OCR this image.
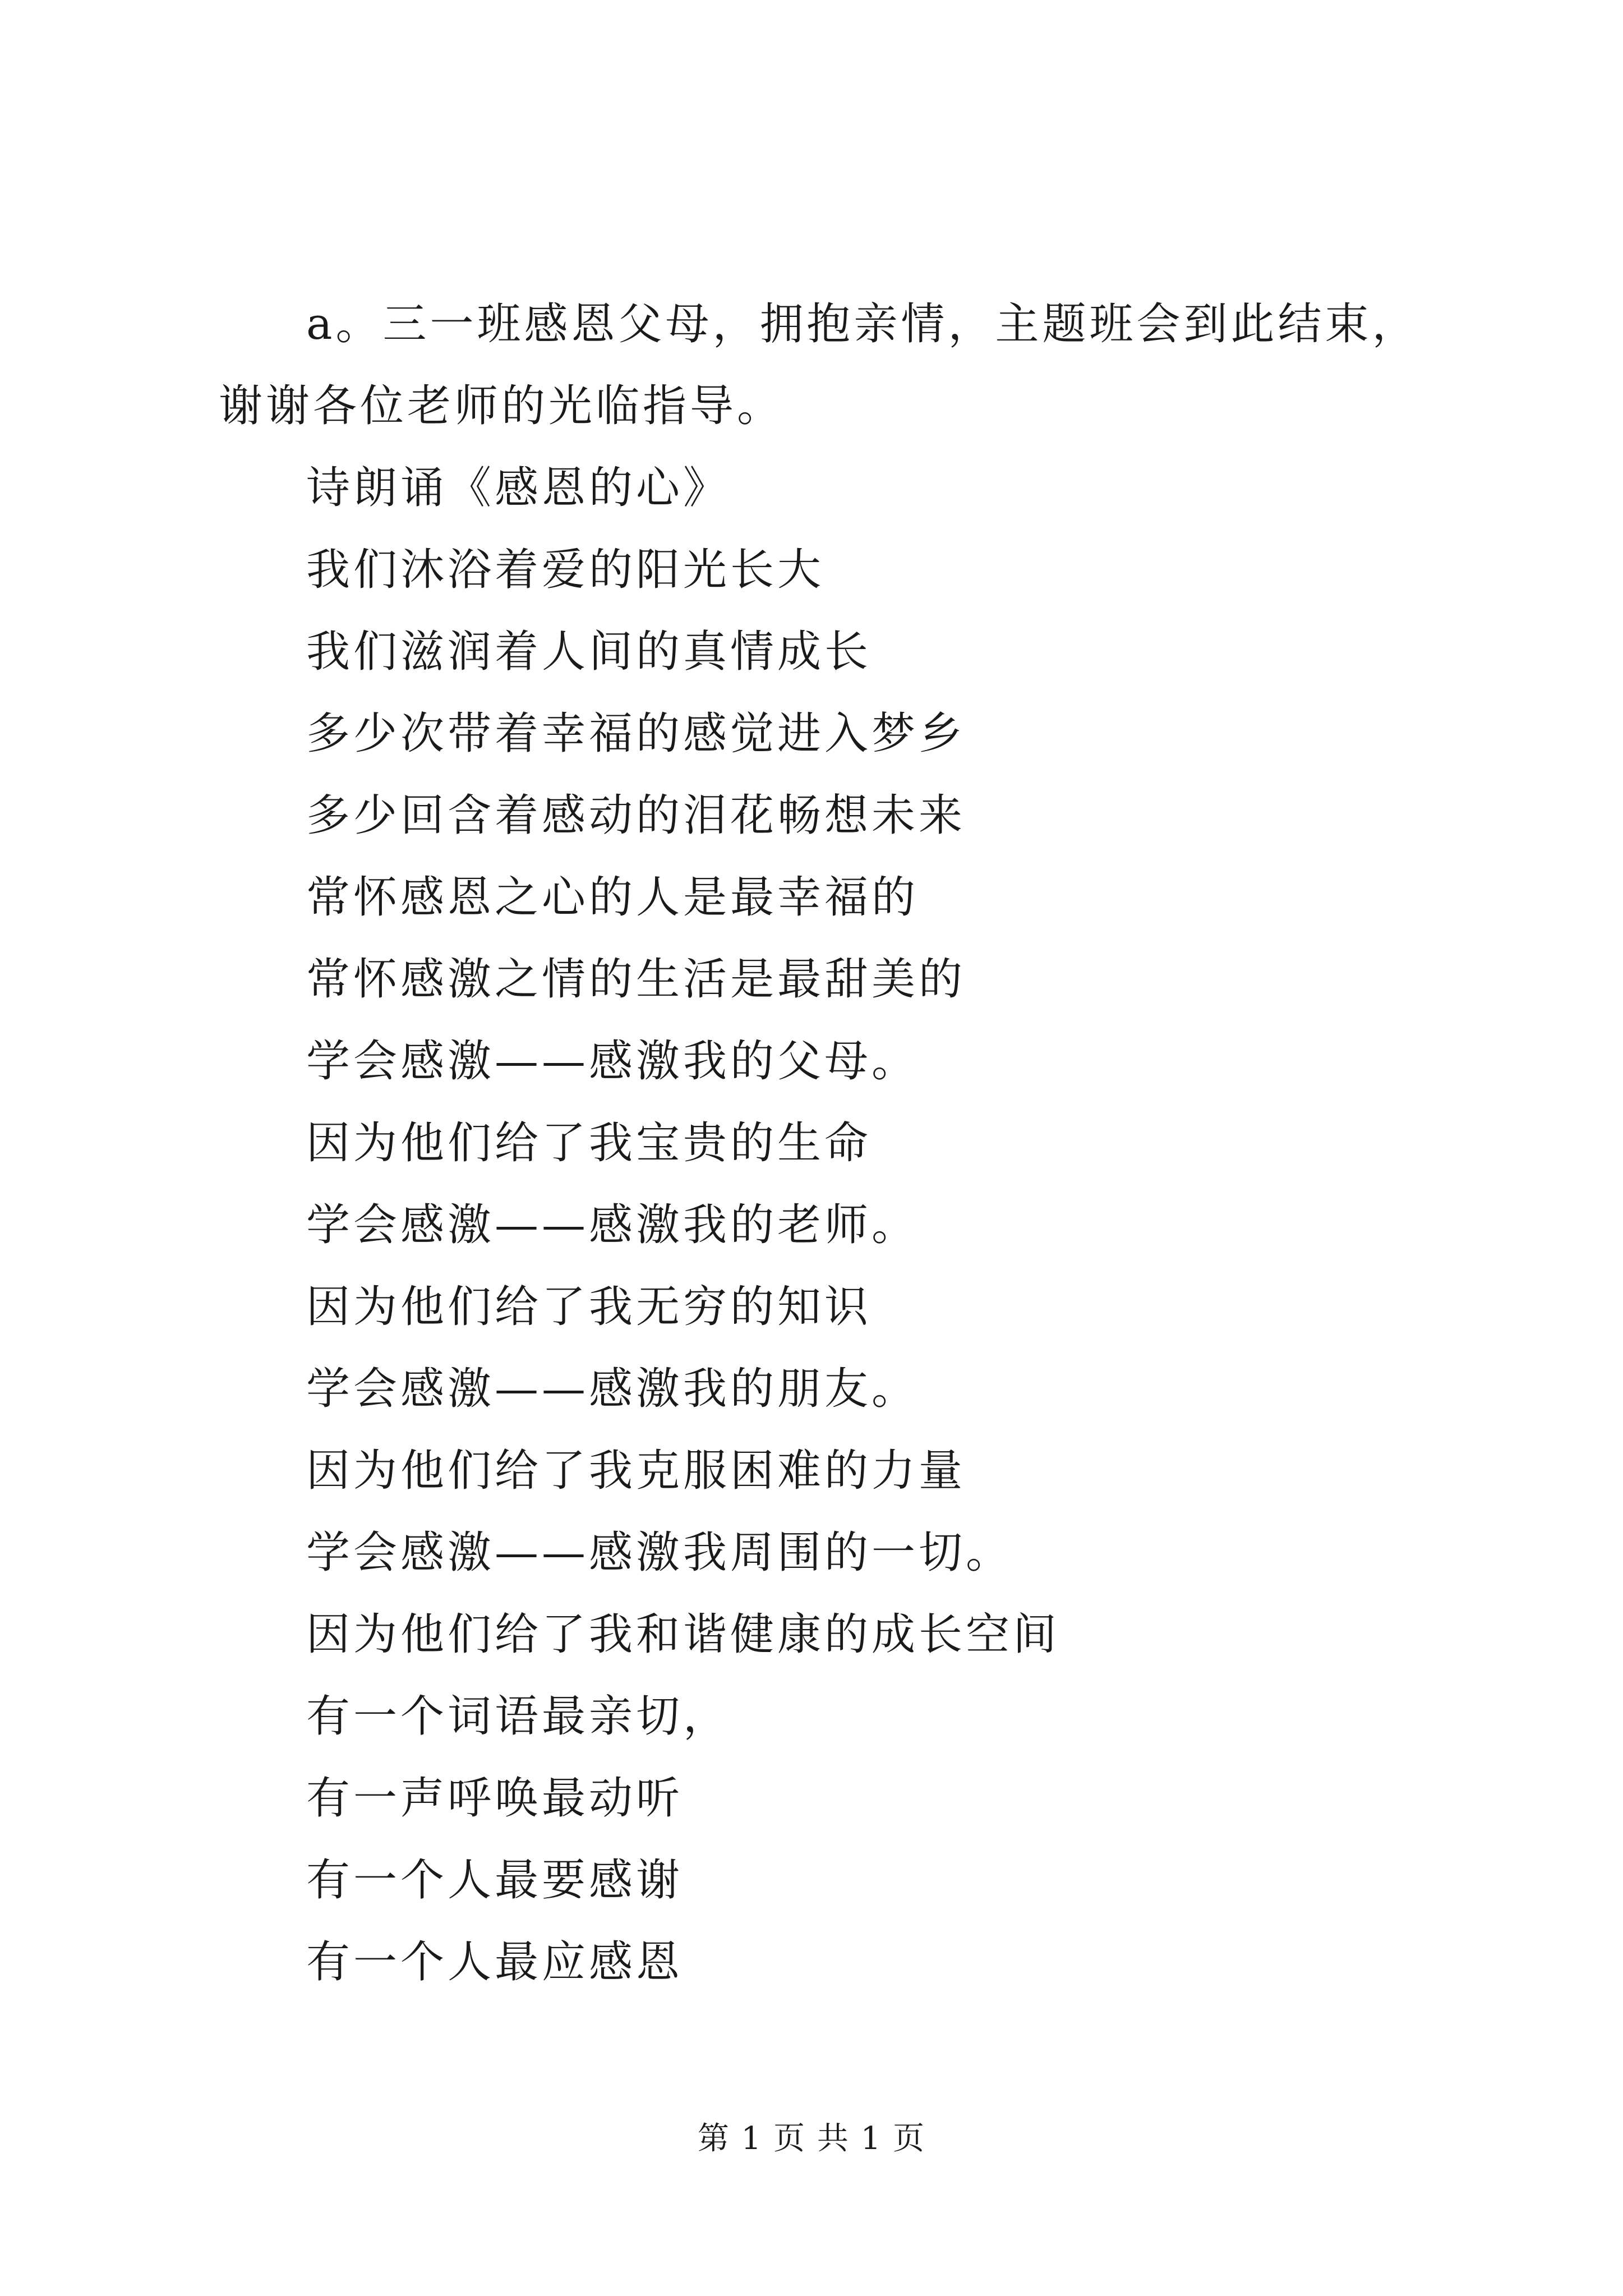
a。三一班感恩父母，拥抱亲情，主题班会到此结束，谢谢各位老师的光临指导。

诗朗诵《感恩的心》

我们沐浴着爱的阳光长大
我们滋润着人间的真情成长
多少次带着幸福的感觉进入梦乡
多少回含着感动的泪花畅想未来
常怀感恩之心的人是最幸福的
常怀感激之情的生活是最甜美的
学会感激——感激我的父母。
因为他们给了我宝贵的生命
学会感激——感激我的老师。
因为他们给了我无穷的知识
学会感激——感激我的朋友。
因为他们给了我克服困难的力量
学会感激——感激我周围的一切。
因为他们给了我和谐健康的成长空间
有一个词语最亲切，
有一声呼唤最动听
有一个人最要感谢
有一个人最应感恩
第 1 页 共 1 页
